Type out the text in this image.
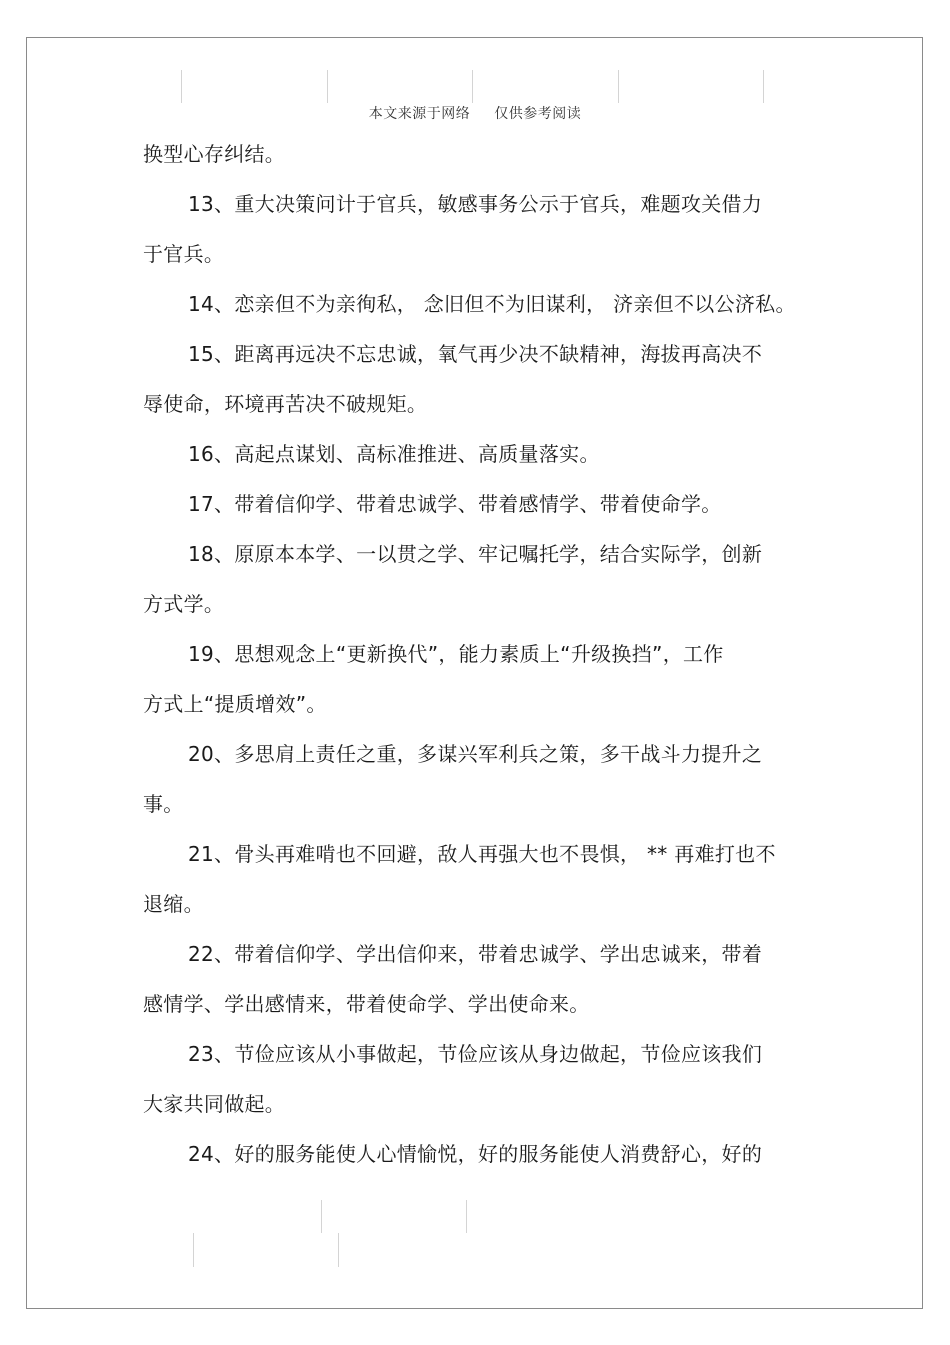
本文来源于网络 仅供参考阅读
换型心存纠结。
13、重大决策问计于官兵，敏感事务公示于官兵，难题攻关借力
于官兵。
14、恋亲但不为亲徇私， 念旧但不为旧谋利， 济亲但不以公济私。
15、距离再远决不忘忠诚，氧气再少决不缺精神，海拔再高决不
辱使命，环境再苦决不破规矩。
16、高起点谋划、高标准推进、高质量落实。
17、带着信仰学、带着忠诚学、带着感情学、带着使命学。
18、原原本本学、一以贯之学、牢记嘱托学，结合实际学，创新
方式学。
19、思想观念上“更新换代”，能力素质上“升级换挡”，工作
方式上“提质增效”。
20、多思肩上责任之重，多谋兴军利兵之策，多干战斗力提升之
事。
21、骨头再难啃也不回避，敌人再强大也不畏惧， ** 再难打也不
退缩。
22、带着信仰学、学出信仰来，带着忠诚学、学出忠诚来，带着
感情学、学出感情来，带着使命学、学出使命来。
23、节俭应该从小事做起，节俭应该从身边做起，节俭应该我们
大家共同做起。
24、好的服务能使人心情愉悦，好的服务能使人消费舒心，好的
